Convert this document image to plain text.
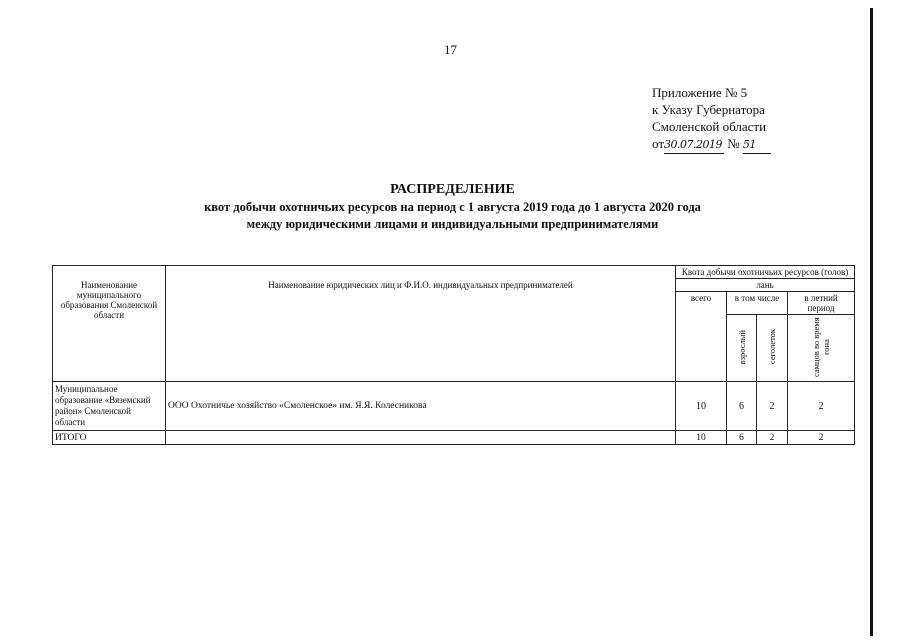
17
Приложение № 5
к Указу Губернатора
Смоленской области
от30.07.2019 № 51
РАСПРЕДЕЛЕНИЕ
квот добычи охотничьих ресурсов на период с 1 августа 2019 года до 1 августа 2020 года
между юридическими лицами и индивидуальными предпринимателями
Наименование муниципального образования Смоленской области	Наименование юридических лиц и Ф.И.О. индивидуальных предпринимателей	Квота добычи охотничьих ресурсов (голов)			
		лань			
		всего	в том числе		в летний период
			взрослый	сеголеток	самцов во время гона
Муниципальное образование «Вяземский район» Смоленской области	ООО Охотничье хозяйство «Смоленское» им. Я.Я. Колесникова	10	6	2	2
ИТОГО		10	6	2	2
